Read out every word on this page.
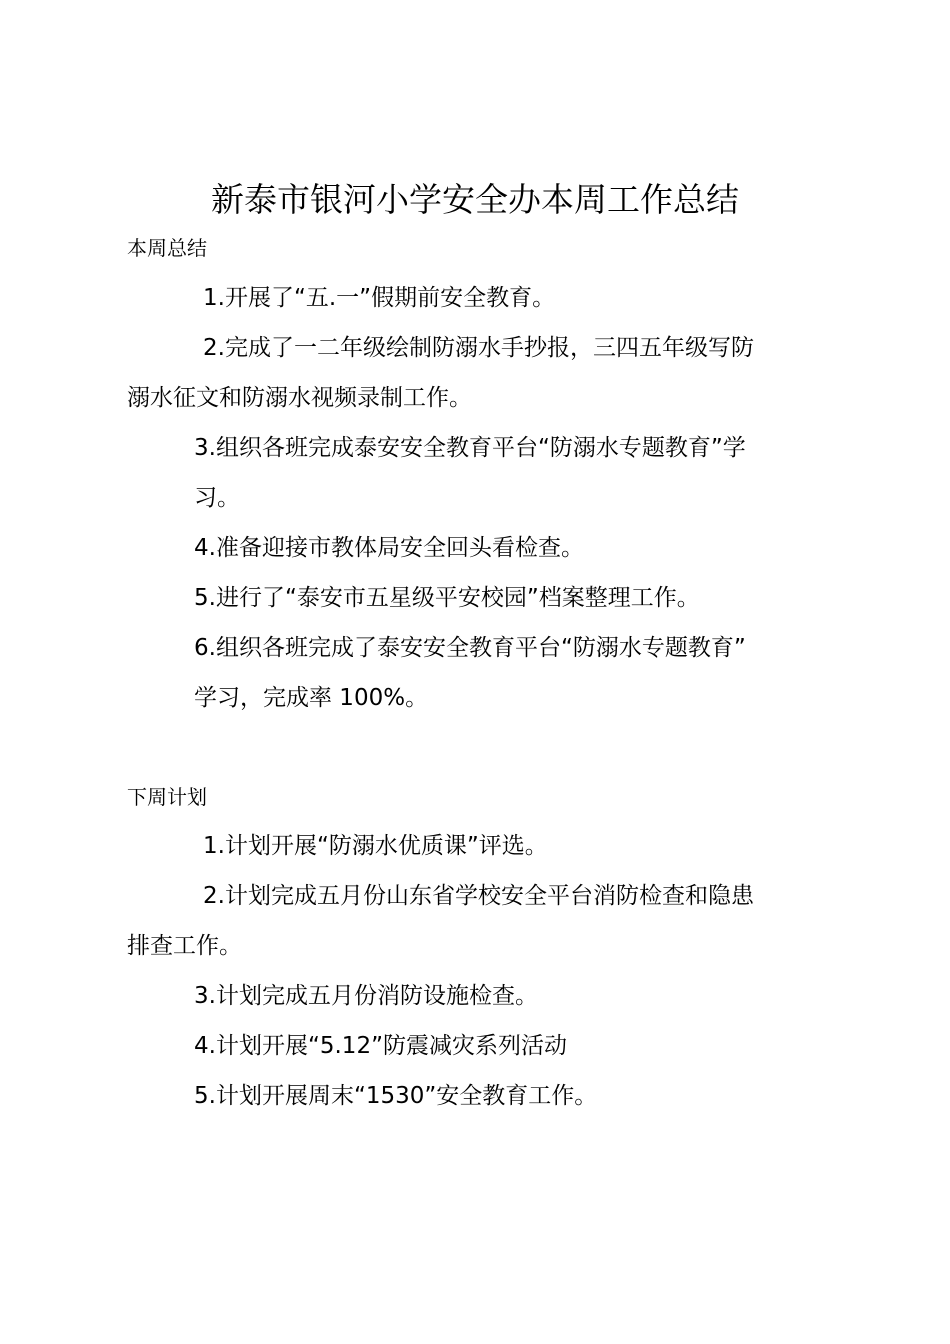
新泰市银河小学安全办本周工作总结
本周总结
1.开展了“五.一”假期前安全教育。
2.完成了一二年级绘制防溺水手抄报，三四五年级写防
溺水征文和防溺水视频录制工作。
3.组织各班完成泰安安全教育平台“防溺水专题教育”学
习。
4.准备迎接市教体局安全回头看检查。
5.进行了“泰安市五星级平安校园”档案整理工作。
6.组织各班完成了泰安安全教育平台“防溺水专题教育”
学习，完成率 100%。
下周计划
1.计划开展“防溺水优质课”评选。
2.计划完成五月份山东省学校安全平台消防检查和隐患
排查工作。
3.计划完成五月份消防设施检查。
4.计划开展“5.12”防震减灾系列活动
5.计划开展周末“1530”安全教育工作。
